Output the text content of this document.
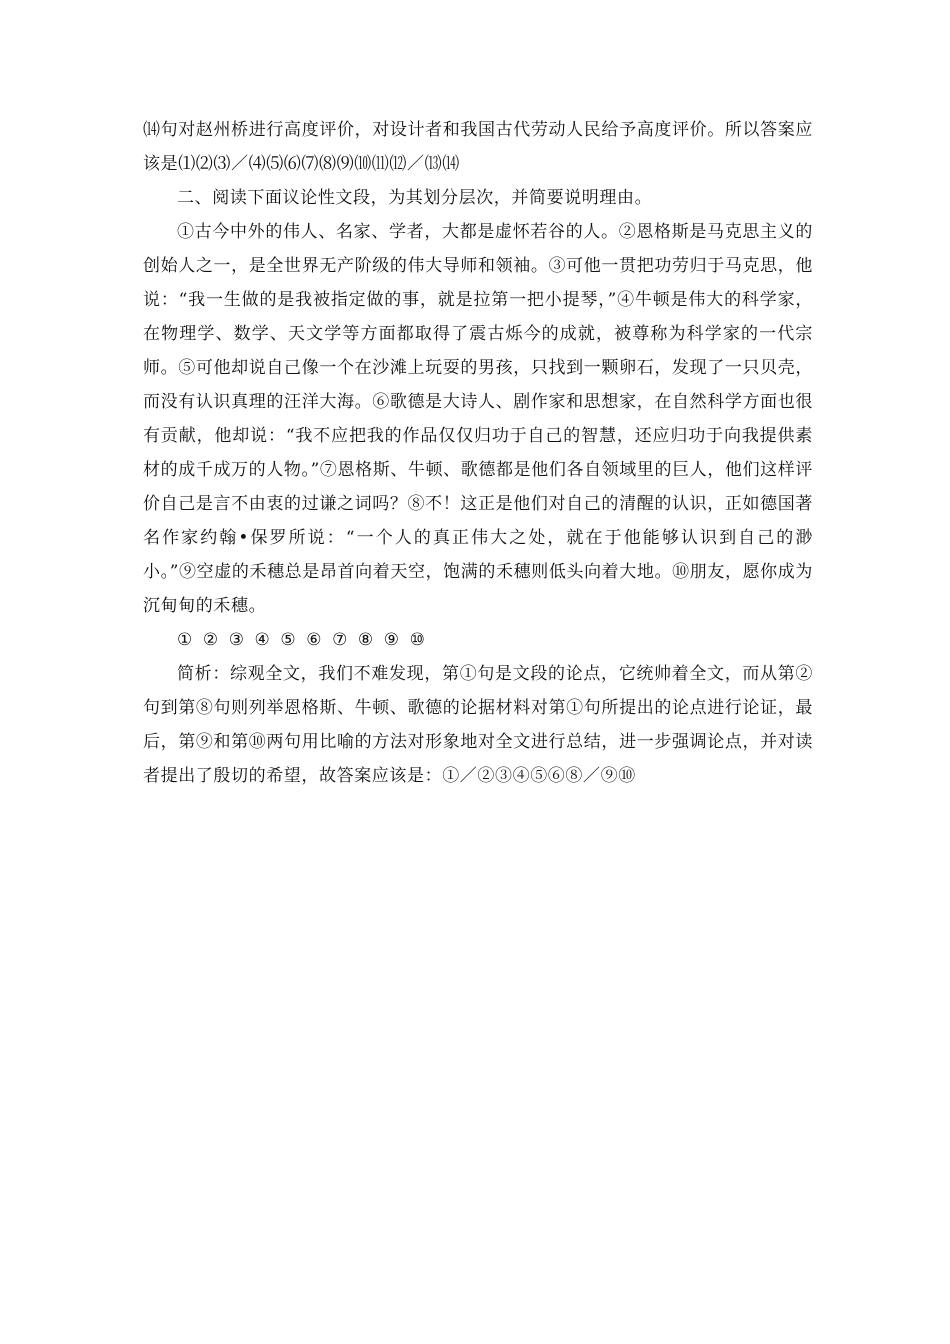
⒁句对赵州桥进行高度评价，对设计者和我国古代劳动人民给予高度评价。所以答案应该是⑴⑵⑶／⑷⑸⑹⑺⑻⑼⑽⑾⑿／⒀⒁

二、阅读下面议论性文段，为其划分层次，并简要说明理由。

①古今中外的伟人、名家、学者，大都是虚怀若谷的人。②恩格斯是马克思主义的创始人之一，是全世界无产阶级的伟大导师和领袖。③可他一贯把功劳归于马克思，他说：“我一生做的是我被指定做的事，就是拉第一把小提琴，”④牛顿是伟大的科学家，在物理学、数学、天文学等方面都取得了震古烁今的成就，被尊称为科学家的一代宗师。⑤可他却说自己像一个在沙滩上玩耍的男孩，只找到一颗卵石，发现了一只贝壳，而没有认识真理的汪洋大海。⑥歌德是大诗人、剧作家和思想家，在自然科学方面也很有贡献，他却说：“我不应把我的作品仅仅归功于自己的智慧，还应归功于向我提供素材的成千成万的人物。”⑦恩格斯、牛顿、歌德都是他们各自领域里的巨人，他们这样评价自己是言不由衷的过谦之词吗？⑧不！这正是他们对自己的清醒的认识，正如德国著名作家约翰•保罗所说：“一个人的真正伟大之处，就在于他能够认识到自己的渺小。”⑨空虚的禾穗总是昂首向着天空，饱满的禾穗则低头向着大地。⑩朋友，愿你成为沉甸甸的禾穗。

① ② ③ ④ ⑤ ⑥ ⑦ ⑧ ⑨ ⑩

简析：综观全文，我们不难发现，第①句是文段的论点，它统帅着全文，而从第②句到第⑧句则列举恩格斯、牛顿、歌德的论据材料对第①句所提出的论点进行论证，最后，第⑨和第⑩两句用比喻的方法对形象地对全文进行总结，进一步强调论点，并对读者提出了殷切的希望，故答案应该是：①／②③④⑤⑥⑧／⑨⑩
